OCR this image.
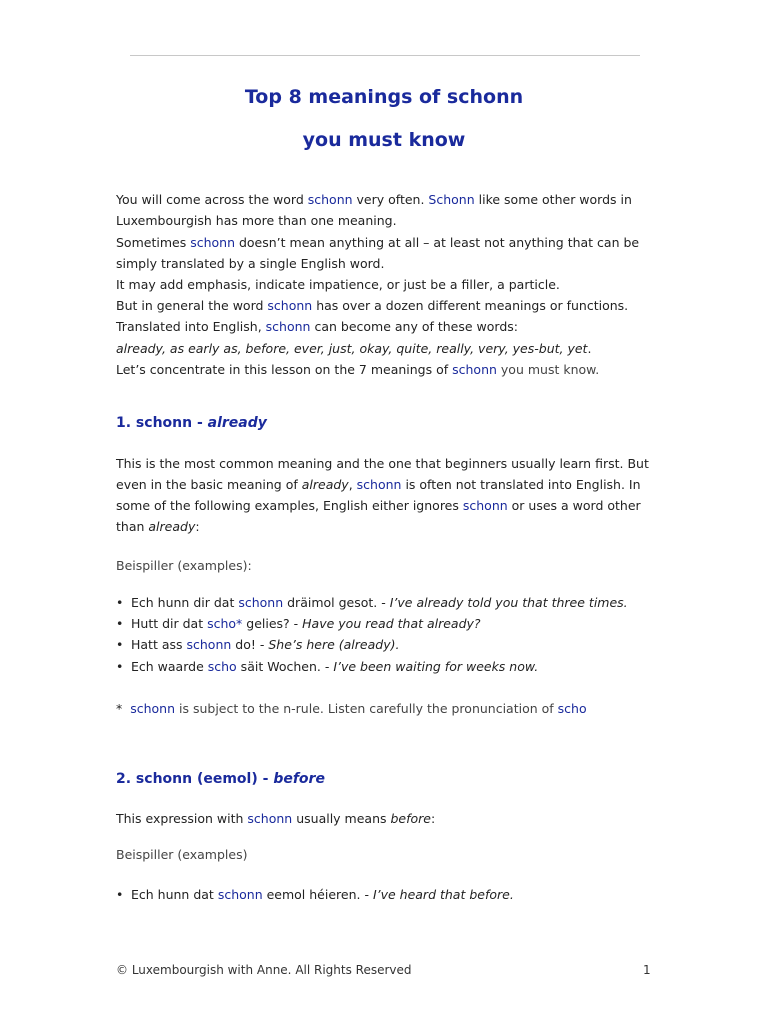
Top 8 meanings of schonn
you must know

You will come across the word schonn very often. Schonn like some other words in

Luxembourgish has more than one meaning.

Sometimes schonn doesn’t mean anything at all – at least not anything that can be

simply translated by a single English word.

It may add emphasis, indicate impatience, or just be a filler, a particle.

But in general the word schonn has over a dozen different meanings or functions.

Translated into English, schonn can become any of these words:

already, as early as, before, ever, just, okay, quite, really, very, yes-but, yet.

Let’s concentrate in this lesson on the 7 meanings of schonn you must know.

1. schonn - already

This is the most common meaning and the one that beginners usually learn first. But

even in the basic meaning of already, schonn is often not translated into English. In

some of the following examples, English either ignores schonn or uses a word other

than already:

Beispiller (examples):

• Ech hunn dir dat schonn dräimol gesot. - I’ve already told you that three times.
• Hutt dir dat scho* gelies? - Have you read that already?
• Hatt ass schonn do! - She’s here (already).
• Ech waarde scho säit Wochen. - I’ve been waiting for weeks now.

* schonn is subject to the n-rule. Listen carefully the pronunciation of scho

2. schonn (eemol) - before

This expression with schonn usually means before:

Beispiller (examples)

• Ech hunn dat schonn eemol héieren. - I’ve heard that before.
© Luxembourgish with Anne. All Rights Reserved	1
